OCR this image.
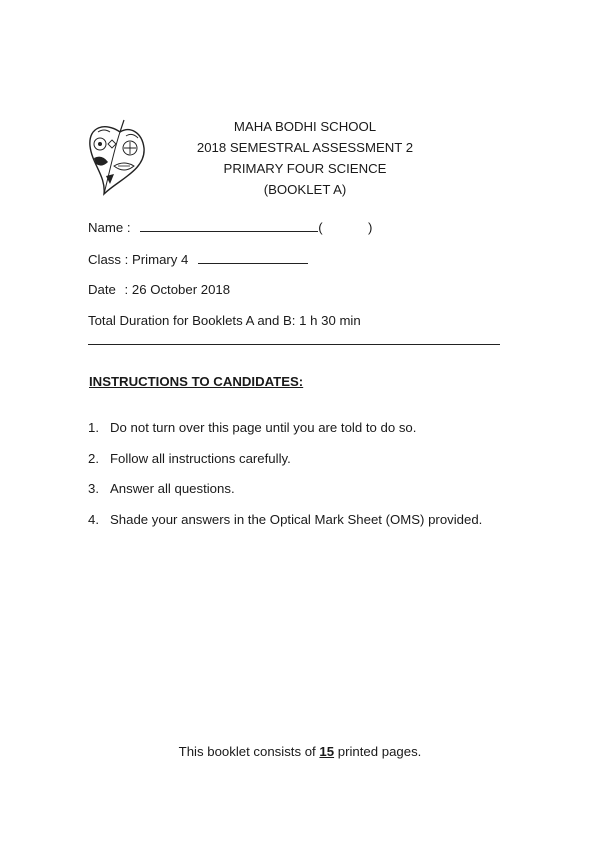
MAHA BODHI SCHOOL
2018 SEMESTRAL ASSESSMENT 2
PRIMARY FOUR SCIENCE
(BOOKLET A)
Name :	(	)
Class : Primary 4
Date : 26 October 2018
Total Duration for Booklets A and B: 1 h 30 min
INSTRUCTIONS TO CANDIDATES:
1. Do not turn over this page until you are told to do so.
2. Follow all instructions carefully.
3. Answer all questions.
4. Shade your answers in the Optical Mark Sheet (OMS) provided.
This booklet consists of 15 printed pages.
